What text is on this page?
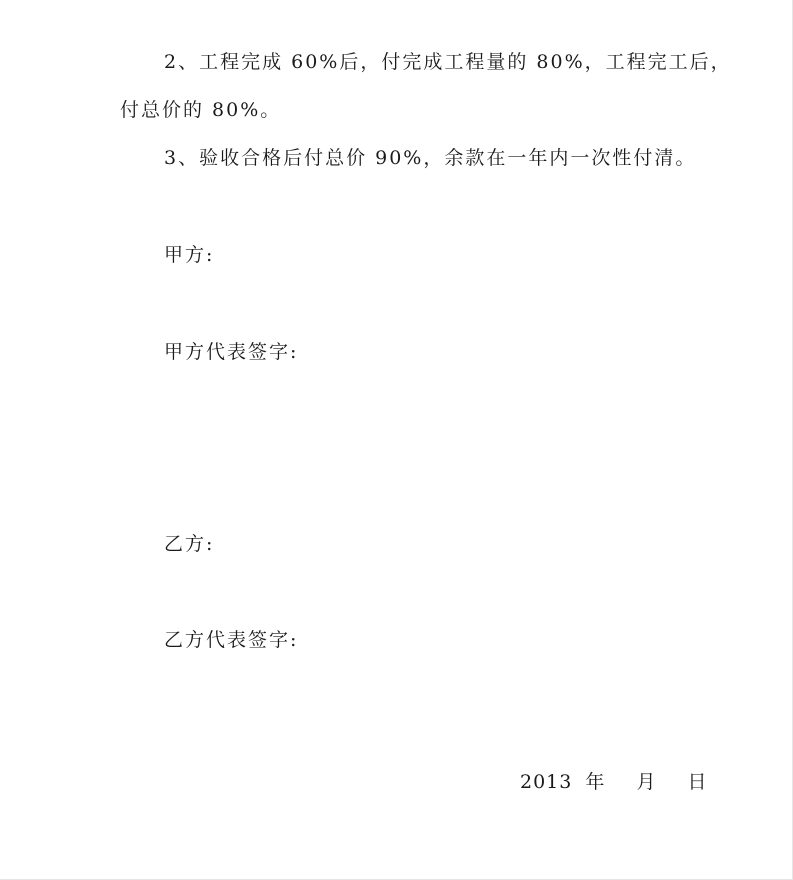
2、工程完成 60%后，付完成工程量的 80%，工程完工后，
付总价的 80%。
3、验收合格后付总价 90%，余款在一年内一次性付清。
甲方:
甲方代表签字:
乙方:
乙方代表签字:
2013 年 月 日
